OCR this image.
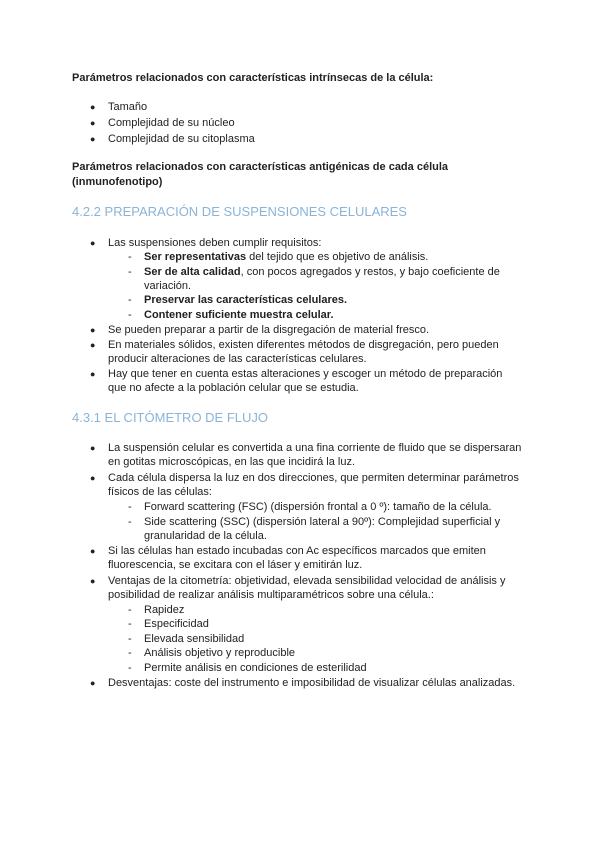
Parámetros relacionados con características intrínsecas de la célula:
● Tamaño
● Complejidad de su núcleo
● Complejidad de su citoplasma
Parámetros relacionados con características antigénicas de cada célula
(inmunofenotipo)
4.2.2 PREPARACIÓN DE SUSPENSIONES CELULARES
● Las suspensiones deben cumplir requisitos:
- Ser representativas del tejido que es objetivo de análisis.
- Ser de alta calidad, con pocos agregados y restos, y bajo coeficiente de
variación.
- Preservar las características celulares.
- Contener suficiente muestra celular.
● Se pueden preparar a partir de la disgregación de material fresco.
● En materiales sólidos, existen diferentes métodos de disgregación, pero pueden
producir alteraciones de las características celulares.
● Hay que tener en cuenta estas alteraciones y escoger un método de preparación
que no afecte a la población celular que se estudia.
4.3.1 EL CITÓMETRO DE FLUJO
● La suspensión celular es convertida a una fina corriente de fluido que se dispersaran
en gotitas microscópicas, en las que incidirá la luz.
● Cada célula dispersa la luz en dos direcciones, que permiten determinar parámetros
físicos de las células:
- Forward scattering (FSC) (dispersión frontal a 0 º): tamaño de la célula.
- Side scattering (SSC) (dispersión lateral a 90º): Complejidad superficial y
granularidad de la célula.
● Si las células han estado incubadas con Ac específicos marcados que emiten
fluorescencia, se excitara con el láser y emitirán luz.
● Ventajas de la citometría: objetividad, elevada sensibilidad velocidad de análisis y
posibilidad de realizar análisis multiparamétricos sobre una célula.:
- Rapidez
- Especificidad
- Elevada sensibilidad
- Análisis objetivo y reproducible
- Permite análisis en condiciones de esterilidad
● Desventajas: coste del instrumento e imposibilidad de visualizar células analizadas.
